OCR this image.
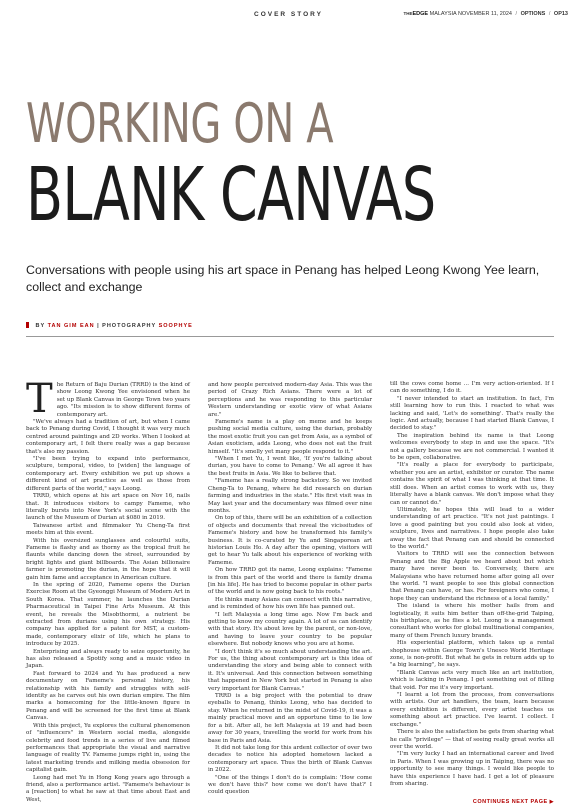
COVER STORY	THEEDGE MALAYSIA NOVEMBER 11, 2024 / OPTIONS / OP13
WORKING ON A
BLANK CANVAS

Conversations with people using his art space in Penang has helped Leong Kwong Yee learn, collect and exchange

BY TAN GIM EAN | PHOTOGRAPHY SOOPHYE

The Return of Baju Durian (TRRD) is the kind of show Leong Kwong Yee envisioned when he set up Blank Canvas in George Town two years ago. "Its mission is to show different forms of contemporary art.

"We've always had a tradition of art, but when I came back to Penang during Covid, I thought it was very much centred around paintings and 2D works. When I looked at contemporary art, I felt there really was a gap because that's also my passion.

"I've been trying to expand into performance, sculpture, temporal, video, to [widen] the language of contemporary art. Every exhibition we put up shows a different kind of art practice as well as those from different parts of the world," says Leong.

TRRD, which opens at his art space on Nov 16, nails that. It introduces visitors to campy Fameme, who literally bursts into New York's social scene with the launch of the Museum of Durian at $080 in 2019.

Taiwanese artist and filmmaker Yu Cheng-Ta first meets him at this event.

With his oversized sunglasses and colourful suits, Fameme is flashy and as thorny as the tropical fruit he flaunts while dancing down the street, surrounded by bright lights and giant billboards. The Asian billionaire farmer is promoting the durian, in the hope that it will gain him fame and acceptance in American culture.

In the spring of 2020, Fameme opens the Durian Exercise Room at the Gyeonggi Museum of Modern Art in South Korea. That summer, he launches the Durian Pharmaceutical in Taipei Fine Arts Museum. At this event, he reveals the Misobthormi, a nutrient be extracted from durians using his own strategy. His company has applied for a patent for MST, a custom-made, contemporary elixir of life, which he plans to introduce by 2025.

Enterprising and always ready to seize opportunity, he has also released a Spotify song and a music video in Japan.

Fast forward to 2024 and Yu has produced a new documentary on Fameme's personal history, his relationship with his family and struggles with self-identity as he carves out his own durian empire. The film marks a homecoming for the little-known figure in Penang and will be screened for the first time at Blank Canvas.

With this project, Yu explores the cultural phenomenon of "influencers" in Western social media, alongside celebrity and food trends in a series of live and filmed performances that appropriate the visual and narrative language of reality TV. Fameme jumps right in, using the latest marketing trends and milking media obsession for capitalist gain.

Leong had met Yu in Hong Kong years ago through a friend, also a performance artist. "Fameme's behaviour is a [reaction] to what he saw at that time about East and West,

and how people perceived modern-day Asia. This was the period of Crazy Rich Asians. There were a lot of perceptions and he was responding to this particular Western understanding or exotic view of what Asians are."

Fameme's name is a play on meme and he keeps pushing social media culture, using the durian, probably the most exotic fruit you can get from Asia, as a symbol of Asian exoticism, adds Leong, who does not eat the fruit himself. "It's smelly yet many people respond to it."

"When I met Yu, I went like, 'If you're talking about durian, you have to come to Penang.' We all agree it has the best fruits in Asia. We like to believe that.

"Fameme has a really strong backstory. So we invited Cheng-Ta to Penang, where he did research on durian farming and industries in the state." His first visit was in May last year and the documentary was filmed over nine months.

On top of this, there will be an exhibition of a collection of objects and documents that reveal the vicissitudes of Fameme's history and how he transformed his family's business. It is co-curated by Yu and Singaporean art historian Louis Ho. A day after the opening, visitors will get to hear Yu talk about his experience of working with Fameme.

On how TRRD got its name, Leong explains: "Fameme is from this part of the world and there is family drama [in his life]. He has tried to become popular in other parts of the world and is now going back to his roots."

He thinks many Asians can connect with this narrative, and is reminded of how his own life has panned out.

"I left Malaysia a long time ago. Now I'm back and getting to know my country again. A lot of us can identify with that story. It's about love by the parent, or non-love, and having to leave your country to be popular elsewhere. But nobody knows who you are at home.

"I don't think it's so much about understanding the art. For us, the thing about contemporary art is this idea of understanding the story and being able to connect with it. It's universal. And this connection between something that happened in New York but started in Penang is also very important for Blank Canvas."

TRRD is a big project with the potential to draw eyeballs to Penang, thinks Leong, who has decided to stay. When he returned in the midst of Covid-19, it was a mainly practical move and an opportune time to lie low for a bit. After all, he left Malaysia at 19 and had been away for 30 years, travelling the world for work from his base in Paris and Asia.

It did not take long for this ardent collector of over two decades to notice his adopted hometown lacked a contemporary art space. Thus the birth of Blank Canvas in 2022.

"One of the things I don't do is complain: 'How come we don't have this?' how come we don't have that?' I could question

till the cows come home ... I'm very action-oriented. If I can do something, I do it.

"I never intended to start an institution. In fact, I'm still learning how to run this. I reacted to what was lacking and said, 'Let's do something'. That's really the logic. And actually, because I had started Blank Canvas, I decided to stay."

The inspiration behind its name is that Leong welcomes everybody to step in and use the space. "It's not a gallery because we are not commercial. I wanted it to be open, collaborative.

"It's really a place for everybody to participate, whether you are an artist, exhibitor or curator. The name contains the spirit of what I was thinking at that time. It still does. When an artist comes to work with us, they literally have a blank canvas. We don't impose what they can or cannot do."

Ultimately, he hopes this will lead to a wider understanding of art practice. "It's not just paintings. I love a good painting but you could also look at video, sculpture, lives and narratives. I hope people also take away the fact that Penang can and should be connected to the world."

Visitors to TRRD will see the connection between Penang and the Big Apple we heard about but which many have never been to. Conversely, there are Malaysians who have returned home after going all over the world. "I want people to see this global connection that Penang can have, or has. For foreigners who come, I hope they can understand the richness of a local family."

The island is where his mother hails from and logistically, it suits him better than off-the-grid Taiping, his birthplace, as he flies a lot. Leong is a management consultant who works for global multinational companies, many of them French luxury brands.

His experiential platform, which takes up a rental shophouse within George Town's Unesco World Heritage zone, is non-profit. But what he gets in return adds up to "a big learning", he says.

"Blank Canvas acts very much like an art institution, which is lacking in Penang. I get something out of filling that void. For me it's very important.

"I learnt a lot from the process, from conversations with artists. Our art handlers, the team, learn because every exhibition is different, every artist teaches us something about art practice. I've learnt. I collect. I exchange."

There is also the satisfaction he gets from sharing what he calls "privilege" — that of seeing really great works all over the world.

"I'm very lucky I had an international career and lived in Paris. When I was growing up in Taiping, there was no opportunity to see many things. I would like people to have this experience I have had. I get a lot of pleasure from sharing.

CONTINUES NEXT PAGE ▶
